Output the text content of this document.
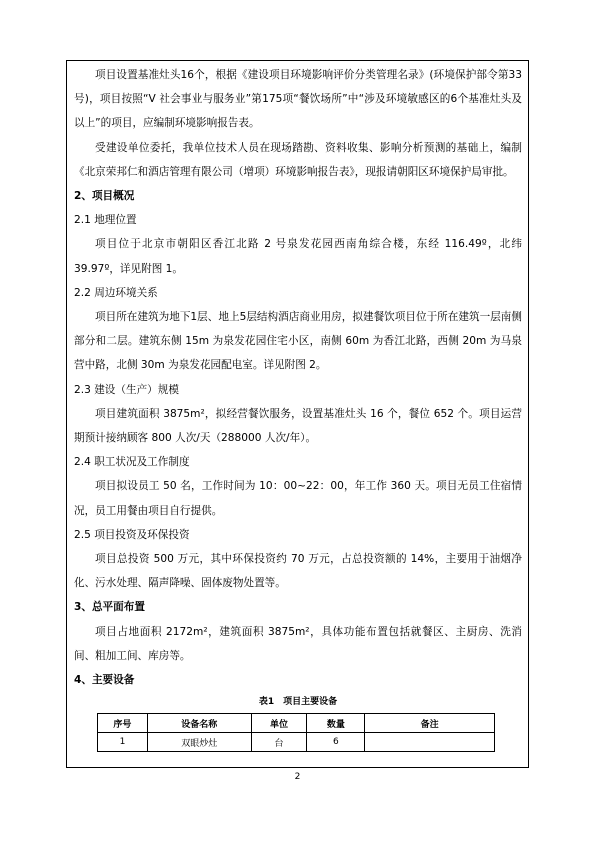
项目设置基准灶头16个，根据《建设项目环境影响评价分类管理名录》(环境保护部令第33号)，项目按照“V 社会事业与服务业”第175项“餐饮场所”中“涉及环境敏感区的6个基准灶头及以上”的项目，应编制环境影响报告表。

受建设单位委托，我单位技术人员在现场踏勘、资料收集、影响分析预测的基础上，编制《北京荣邦仁和酒店管理有限公司（增项）环境影响报告表》，现报请朝阳区环境保护局审批。

2、项目概况

2.1 地理位置

项目位于北京市朝阳区香江北路 2 号泉发花园西南角综合楼，东经 116.49º，北纬 39.97º，详见附图 1。

2.2 周边环境关系

项目所在建筑为地下1层、地上5层结构酒店商业用房，拟建餐饮项目位于所在建筑一层南侧部分和二层。建筑东侧 15m 为泉发花园住宅小区，南侧 60m 为香江北路，西侧 20m 为马泉营中路，北侧 30m 为泉发花园配电室。详见附图 2。

2.3 建设（生产）规模

项目建筑面积 3875m²，拟经营餐饮服务，设置基准灶头 16 个，餐位 652 个。项目运营期预计接纳顾客 800 人次/天（288000 人次/年）。

2.4 职工状况及工作制度

项目拟设员工 50 名，工作时间为 10：00~22：00，年工作 360 天。项目无员工住宿情况，员工用餐由项目自行提供。

2.5 项目投资及环保投资

项目总投资 500 万元，其中环保投资约 70 万元，占总投资额的 14%，主要用于油烟净化、污水处理、隔声降噪、固体废物处置等。

3、总平面布置

项目占地面积 2172m²，建筑面积 3875m²，具体功能布置包括就餐区、主厨房、洗消间、粗加工间、库房等。

4、主要设备

表1　项目主要设备
序号	设备名称	单位	数量	备注
1	双眼炒灶	台	6	
2
